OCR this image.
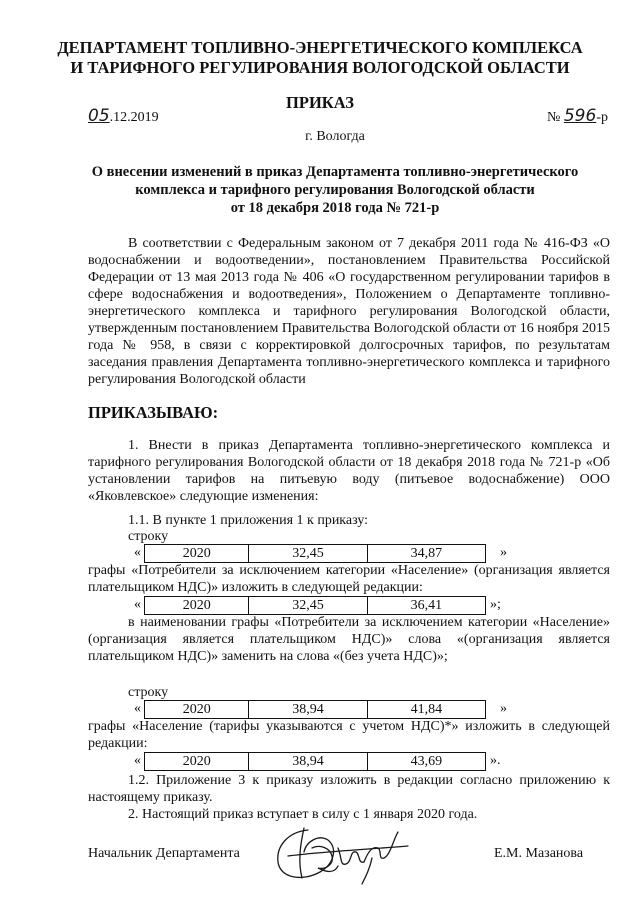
ДЕПАРТАМЕНТ ТОПЛИВНО-ЭНЕРГЕТИЧЕСКОГО КОМПЛЕКСА
И ТАРИФНОГО РЕГУЛИРОВАНИЯ ВОЛОГОДСКОЙ ОБЛАСТИ
ПРИКАЗ
05.12.2019	№ 596-р
г. Вологда
О внесении изменений в приказ Департамента топливно-энергетического
комплекса и тарифного регулирования Вологодской области
от 18 декабря 2018 года № 721-р
В соответствии с Федеральным законом от 7 декабря 2011 года № 416-ФЗ «О водоснабжении и водоотведении», постановлением Правительства Российской Федерации от 13 мая 2013 года № 406 «О государственном регулировании тарифов в сфере водоснабжения и водоотведения», Положением о Департаменте топливно-энергетического комплекса и тарифного регулирования Вологодской области, утвержденным постановлением Правительства Вологодской области от 16 ноября 2015 года № 958, в связи с корректировкой долгосрочных тарифов, по результатам заседания правления Департамента топливно-энергетического комплекса и тарифного регулирования Вологодской области
ПРИКАЗЫВАЮ:
1. Внести в приказ Департамента топливно-энергетического комплекса и тарифного регулирования Вологодской области от 18 декабря 2018 года № 721-р «Об установлении тарифов на питьевую воду (питьевое водоснабжение) ООО «Яковлевское» следующие изменения:
1.1. В пункте 1 приложения 1 к приказу:
строку
«	2020	32,45	34,87	»
графы «Потребители за исключением категории «Население» (организация является плательщиком НДС)» изложить в следующей редакции:
«	2020	32,45	36,41	»;
в наименовании графы «Потребители за исключением категории «Население» (организация является плательщиком НДС)» слова «(организация является плательщиком НДС)» заменить на слова «(без учета НДС)»;
строку
«	2020	38,94	41,84	»
графы «Население (тарифы указываются с учетом НДС)*» изложить в следующей редакции:
«	2020	38,94	43,69	».
1.2. Приложение 3 к приказу изложить в редакции согласно приложению к настоящему приказу.
2. Настоящий приказ вступает в силу с 1 января 2020 года.
Начальник Департамента	Е.М. Мазанова
